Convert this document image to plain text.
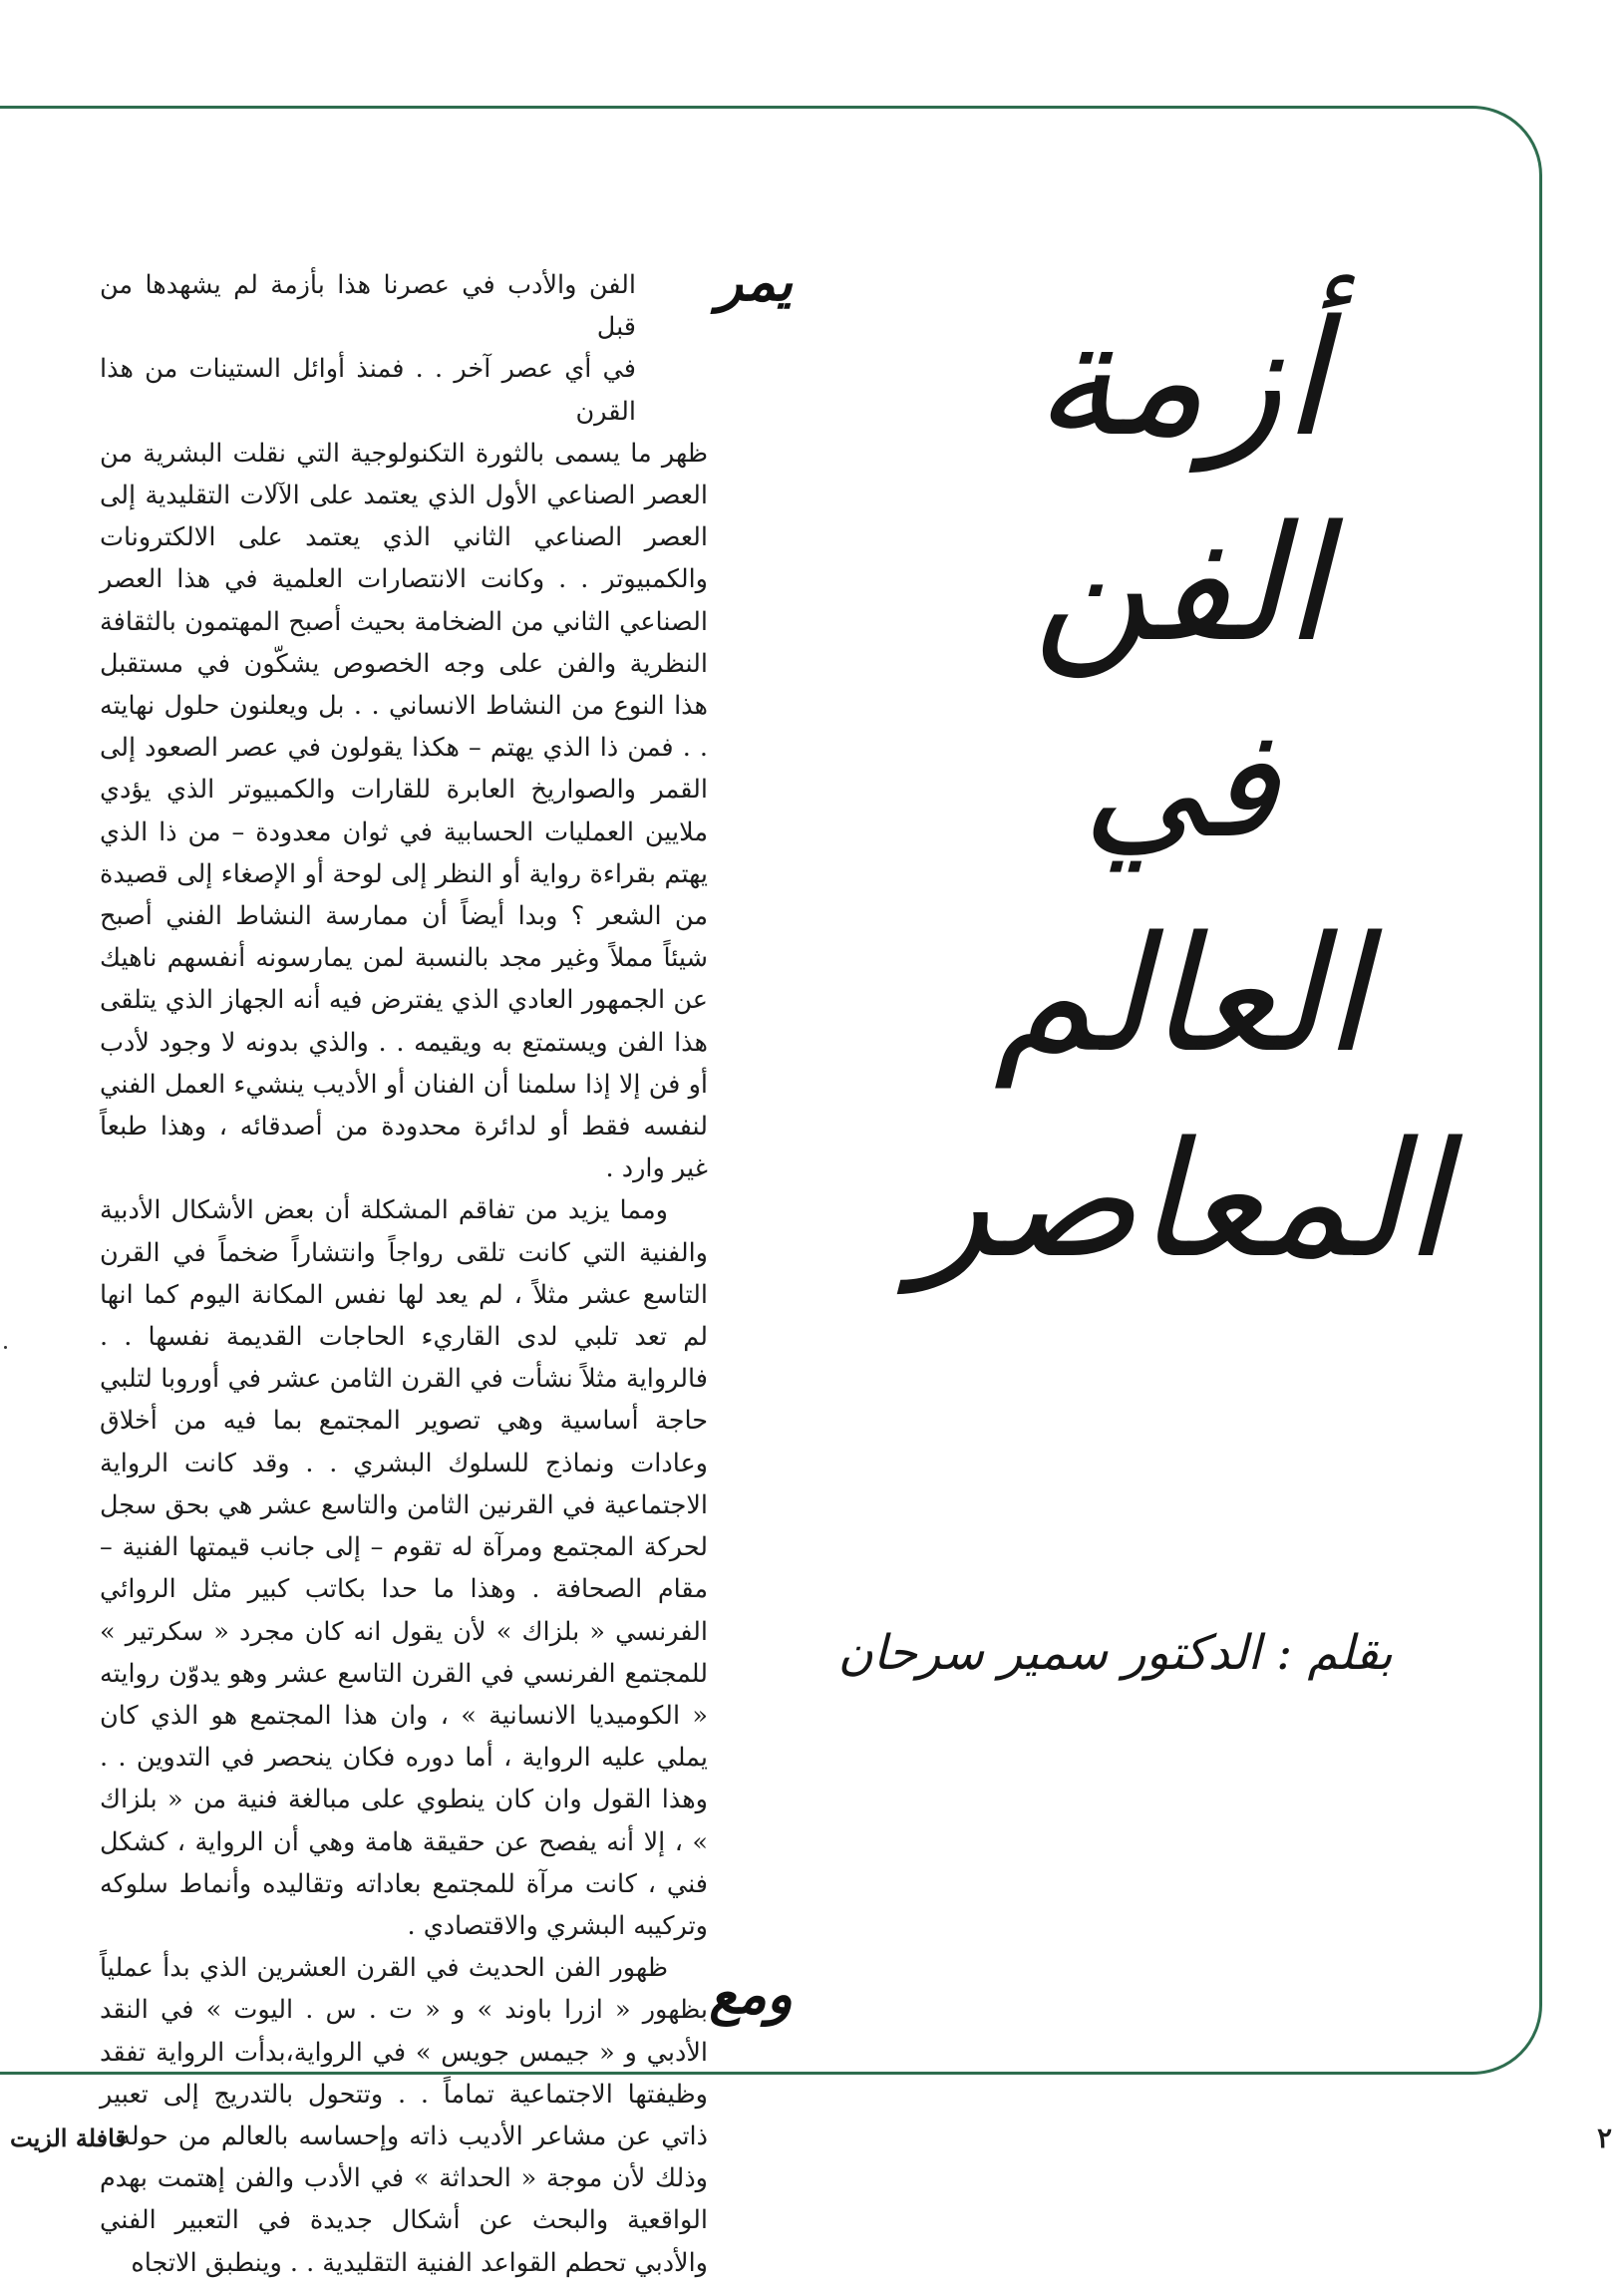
أزمة
الفن
في
العالم
المعاصر
بقلم : الدكتور سمير سرحان
يمر

الفن والأدب في عصرنا هذا بأزمة لم يشهدها من قبل

في أي عصر آخر . . فمنذ أوائل الستينات من هذا القرن

ظهر ما يسمى بالثورة التكنولوجية التي نقلت البشرية من العصر الصناعي الأول الذي يعتمد على الآلات التقليدية إلى العصر الصناعي الثاني الذي يعتمد على الالكترونات والكمبيوتر . . وكانت الانتصارات العلمية في هذا العصر الصناعي الثاني من الضخامة بحيث أصبح المهتمون بالثقافة النظرية والفن على وجه الخصوص يشكّون في مستقبل هذا النوع من النشاط الانساني . . بل ويعلنون حلول نهايته . . فمن ذا الذي يهتم – هكذا يقولون في عصر الصعود إلى القمر والصواريخ العابرة للقارات والكمبيوتر الذي يؤدي ملايين العمليات الحسابية في ثوان معدودة – من ذا الذي يهتم بقراءة رواية أو النظر إلى لوحة أو الإصغاء إلى قصيدة من الشعر ؟ وبدا أيضاً أن ممارسة النشاط الفني أصبح شيئاً مملاً وغير مجد بالنسبة لمن يمارسونه أنفسهم ناهيك عن الجمهور العادي الذي يفترض فيه أنه الجهاز الذي يتلقى هذا الفن ويستمتع به ويقيمه . . والذي بدونه لا وجود لأدب أو فن إلا إذا سلمنا أن الفنان أو الأديب ينشيء العمل الفني لنفسه فقط أو لدائرة محدودة من أصدقائه ، وهذا طبعاً غير وارد .

ومما يزيد من تفاقم المشكلة أن بعض الأشكال الأدبية والفنية التي كانت تلقى رواجاً وانتشاراً ضخماً في القرن التاسع عشر مثلاً ، لم يعد لها نفس المكانة اليوم كما انها لم تعد تلبي لدى القاريء الحاجات القديمة نفسها . . فالرواية مثلاً نشأت في القرن الثامن عشر في أوروبا لتلبي حاجة أساسية وهي تصوير المجتمع بما فيه من أخلاق وعادات ونماذج للسلوك البشري . . وقد كانت الرواية الاجتماعية في القرنين الثامن والتاسع عشر هي بحق سجل لحركة المجتمع ومرآة له تقوم – إلى جانب قيمتها الفنية – مقام الصحافة . وهذا ما حدا بكاتب كبير مثل الروائي الفرنسي « بلزاك » لأن يقول انه كان مجرد « سكرتير » للمجتمع الفرنسي في القرن التاسع عشر وهو يدوّن روايته « الكوميديا الانسانية » ، وان هذا المجتمع هو الذي كان يملي عليه الرواية ، أما دوره فكان ينحصر في التدوين . . وهذا القول وان كان ينطوي على مبالغة فنية من « بلزاك » ، إلا أنه يفصح عن حقيقة هامة وهي أن الرواية ، كشكل فني ، كانت مرآة للمجتمع بعاداته وتقاليده وأنماط سلوكه وتركيبه البشري والاقتصادي .

ومع

ظهور الفن الحديث في القرن العشرين الذي بدأ عملياً بظهور « ازرا باوند » و « ت . س . اليوت » في النقد الأدبي و « جيمس جويس » في الرواية،بدأت الرواية تفقد وظيفتها الاجتماعية تماماً . . وتتحول بالتدريج إلى تعبير ذاتي عن مشاعر الأديب ذاته وإحساسه بالعالم من حوله . وذلك لأن موجة « الحداثة » في الأدب والفن إهتمت بهدم الواقعية والبحث عن أشكال جديدة في التعبير الفني والأدبي تحطم القواعد الفنية التقليدية . . وينطبق الاتجاه

قافلة الزيت	٢
